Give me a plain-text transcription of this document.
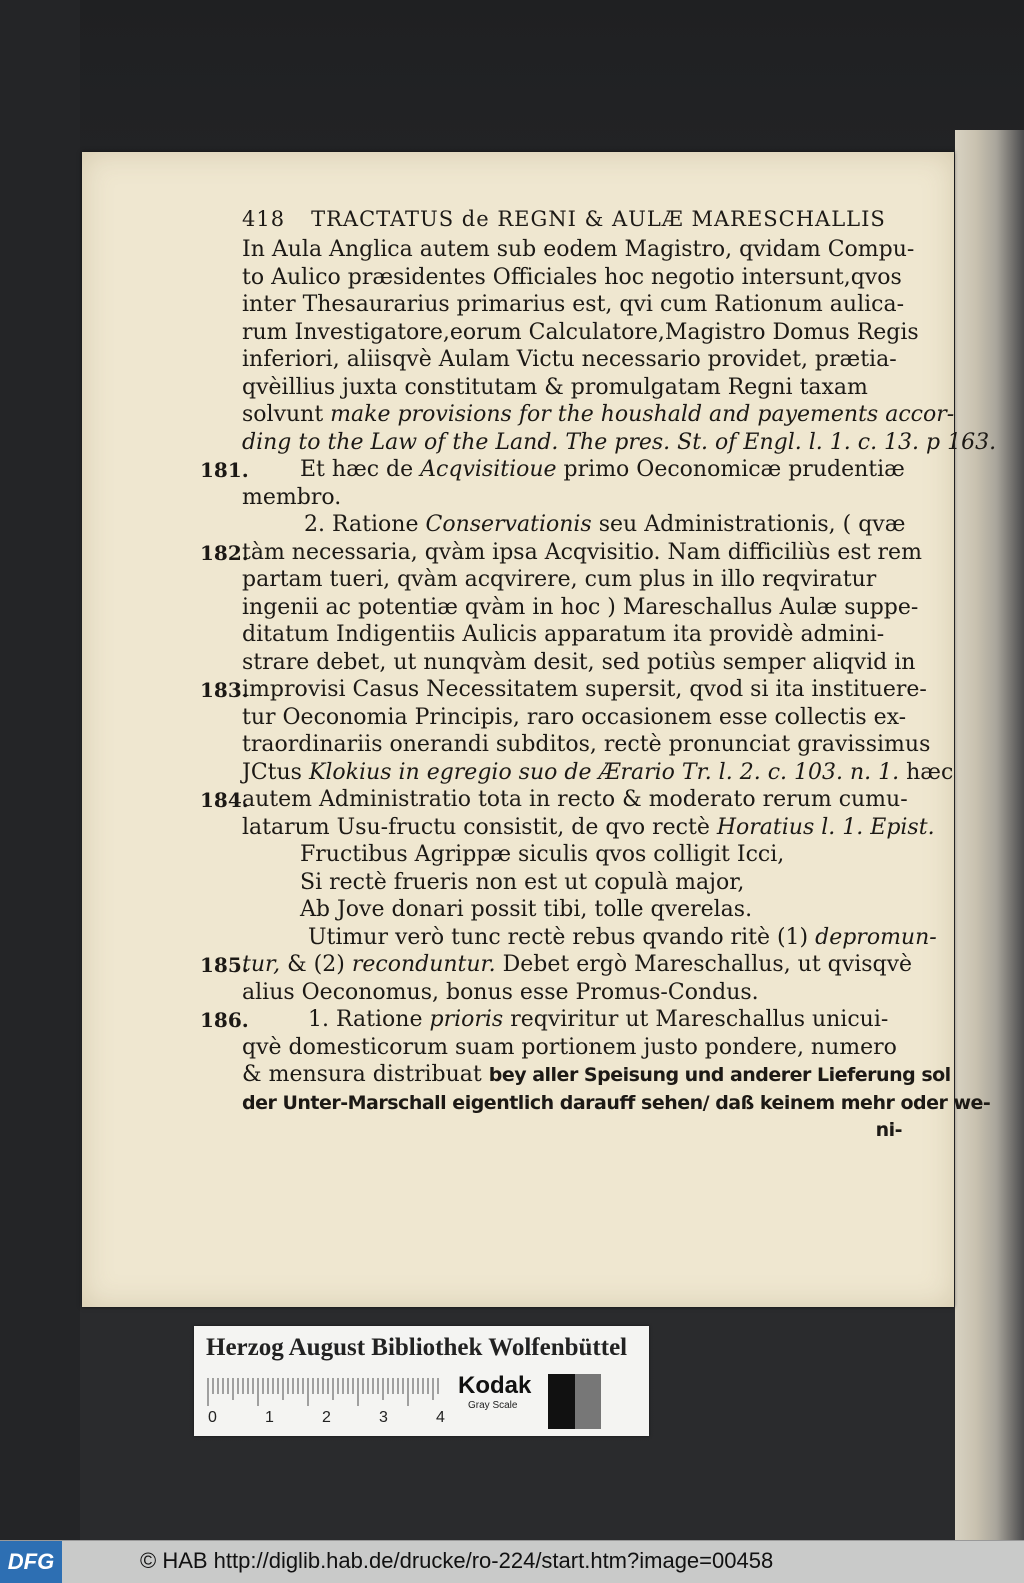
418 TRACTATUS de REGNI & AULÆ MARESCHALLIS
In Aula Anglica autem sub eodem Magistro, qvidam Compu-
to Aulico præsidentes Officiales hoc negotio intersunt,qvos
inter Thesaurarius primarius est, qvi cum Rationum aulica-
rum Investigatore,eorum Calculatore,Magistro Domus Regis
inferiori, aliisqvè Aulam Victu necessario providet, prætia-
qvèillius juxta constitutam & promulgatam Regni taxam
solvunt make provisions for the houshald and payements accor-
ding to the Law of the Land. The pres. St. of Engl. l. 1. c. 13. p 163.
Et hæc de Acqvisitioue primo Oeconomicæ prudentiæ
membro.
2. Ratione Conservationis seu Administrationis, ( qvæ
tàm necessaria, qvàm ipsa Acqvisitio. Nam difficiliùs est rem
partam tueri, qvàm acqvirere, cum plus in illo reqviratur
ingenii ac potentiæ qvàm in hoc ) Mareschallus Aulæ suppe-
ditatum Indigentiis Aulicis apparatum ita providè admini-
strare debet, ut nunqvàm desit, sed potiùs semper aliqvid in
improvisi Casus Necessitatem supersit, qvod si ita instituere-
tur Oeconomia Principis, raro occasionem esse collectis ex-
traordinariis onerandi subditos, rectè pronunciat gravissimus
JCtus Klokius in egregio suo de Ærario Tr. l. 2. c. 103. n. 1. hæc
autem Administratio tota in recto & moderato rerum cumu-
latarum Usu-fructu consistit, de qvo rectè Horatius l. 1. Epist.
Fructibus Agrippæ siculis qvos colligit Icci,
Si rectè frueris non est ut copulà major,
Ab Jove donari possit tibi, tolle qverelas.
Utimur verò tunc rectè rebus qvando ritè (1) depromun-
tur, & (2) reconduntur. Debet ergò Mareschallus, ut qvisqvè
alius Oeconomus, bonus esse Promus-Condus.
1. Ratione prioris reqviritur ut Mareschallus unicui-
qvè domesticorum suam portionem justo pondere, numero
& mensura distribuat bey aller Speisung und anderer Lieferung sol
der Unter-Marschall eigentlich darauff sehen/ daß keinem mehr oder we-
ni-
181.
182.
183.
184.
185.
186.
Herzog August Bibliothek Wolfenbüttel
0	1	2	3	4
Kodak
Gray Scale
DFG	© HAB http://diglib.hab.de/drucke/ro-224/start.htm?image=00458
